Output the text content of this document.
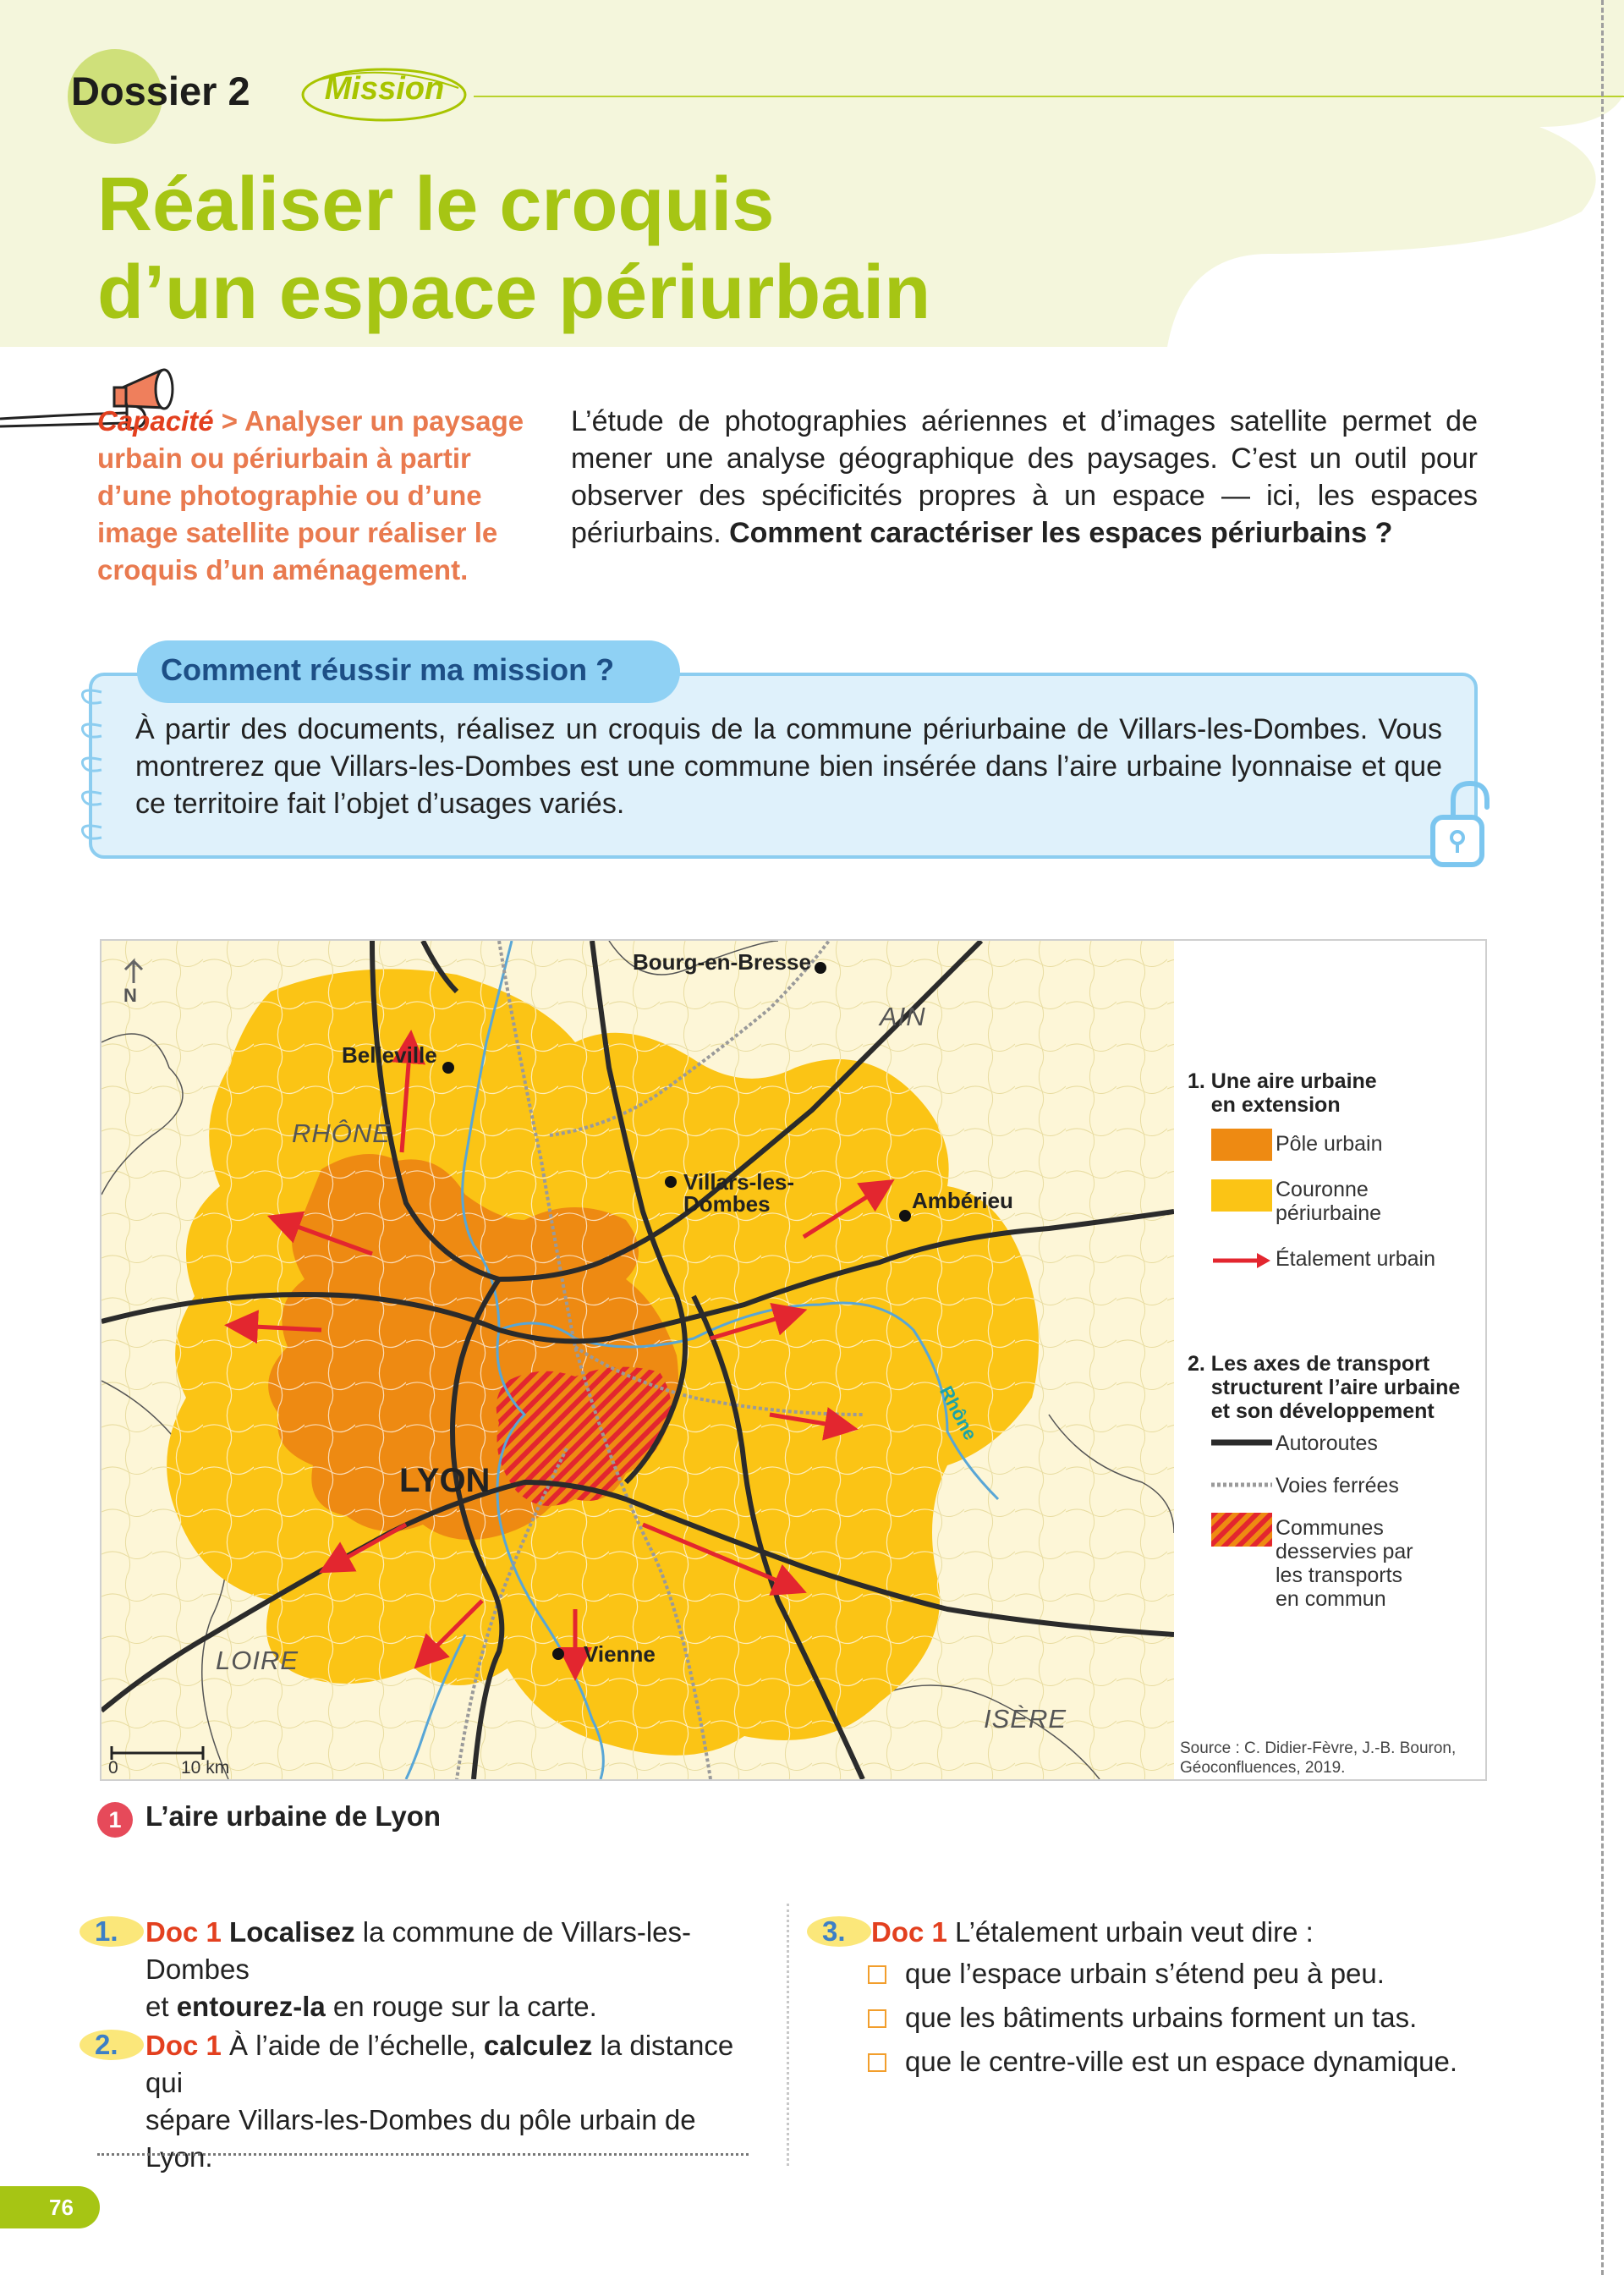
Dossier 2	Mission
Réaliser le croquis
d’un espace périurbain
Capacité > Analyser un paysage urbain ou périurbain à partir d’une photographie ou d’une image satellite pour réaliser le croquis d’un aménagement.
L’étude de photographies aériennes et d’images satellite permet de mener une analyse géographique des paysages. C’est un outil pour observer des spécificités propres à un espace — ici, les espaces périurbains. Comment caractériser les espaces périurbains ?
Comment réussir ma mission ?
À partir des documents, réalisez un croquis de la commune périurbaine de Villars-les-Dombes. Vous montrerez que Villars-les-Dombes est une commune bien insérée dans l’aire urbaine lyonnaise et que ce territoire fait l’objet d’usages variés.
N
Bourg-en-Bresse
Belleville
Villars-les-
Dombes	Ambérieu
Vienne
LYON
AIN
RHÔNE
LOIRE
ISÈRE
Rhône
0	10 km
1. Une aire urbaine
en extension
Pôle urbain
Couronne
périurbaine
Étalement urbain
2. Les axes de transport
structurent l’aire urbaine
et son développement
Autoroutes
Voies ferrées
Communes
desservies par
les transports
en commun
Source : C. Didier-Fèvre, J.-B. Bouron, Géoconfluences, 2019.
1 L’aire urbaine de Lyon
1. Doc 1 Localisez la commune de Villars-les-Dombes
et entourez-la en rouge sur la carte.
2. Doc 1 À l’aide de l’échelle, calculez la distance qui
sépare Villars-les-Dombes du pôle urbain de Lyon.
3. Doc 1 L’étalement urbain veut dire :
que l’espace urbain s’étend peu à peu.
que les bâtiments urbains forment un tas.
que le centre-ville est un espace dynamique.
76
